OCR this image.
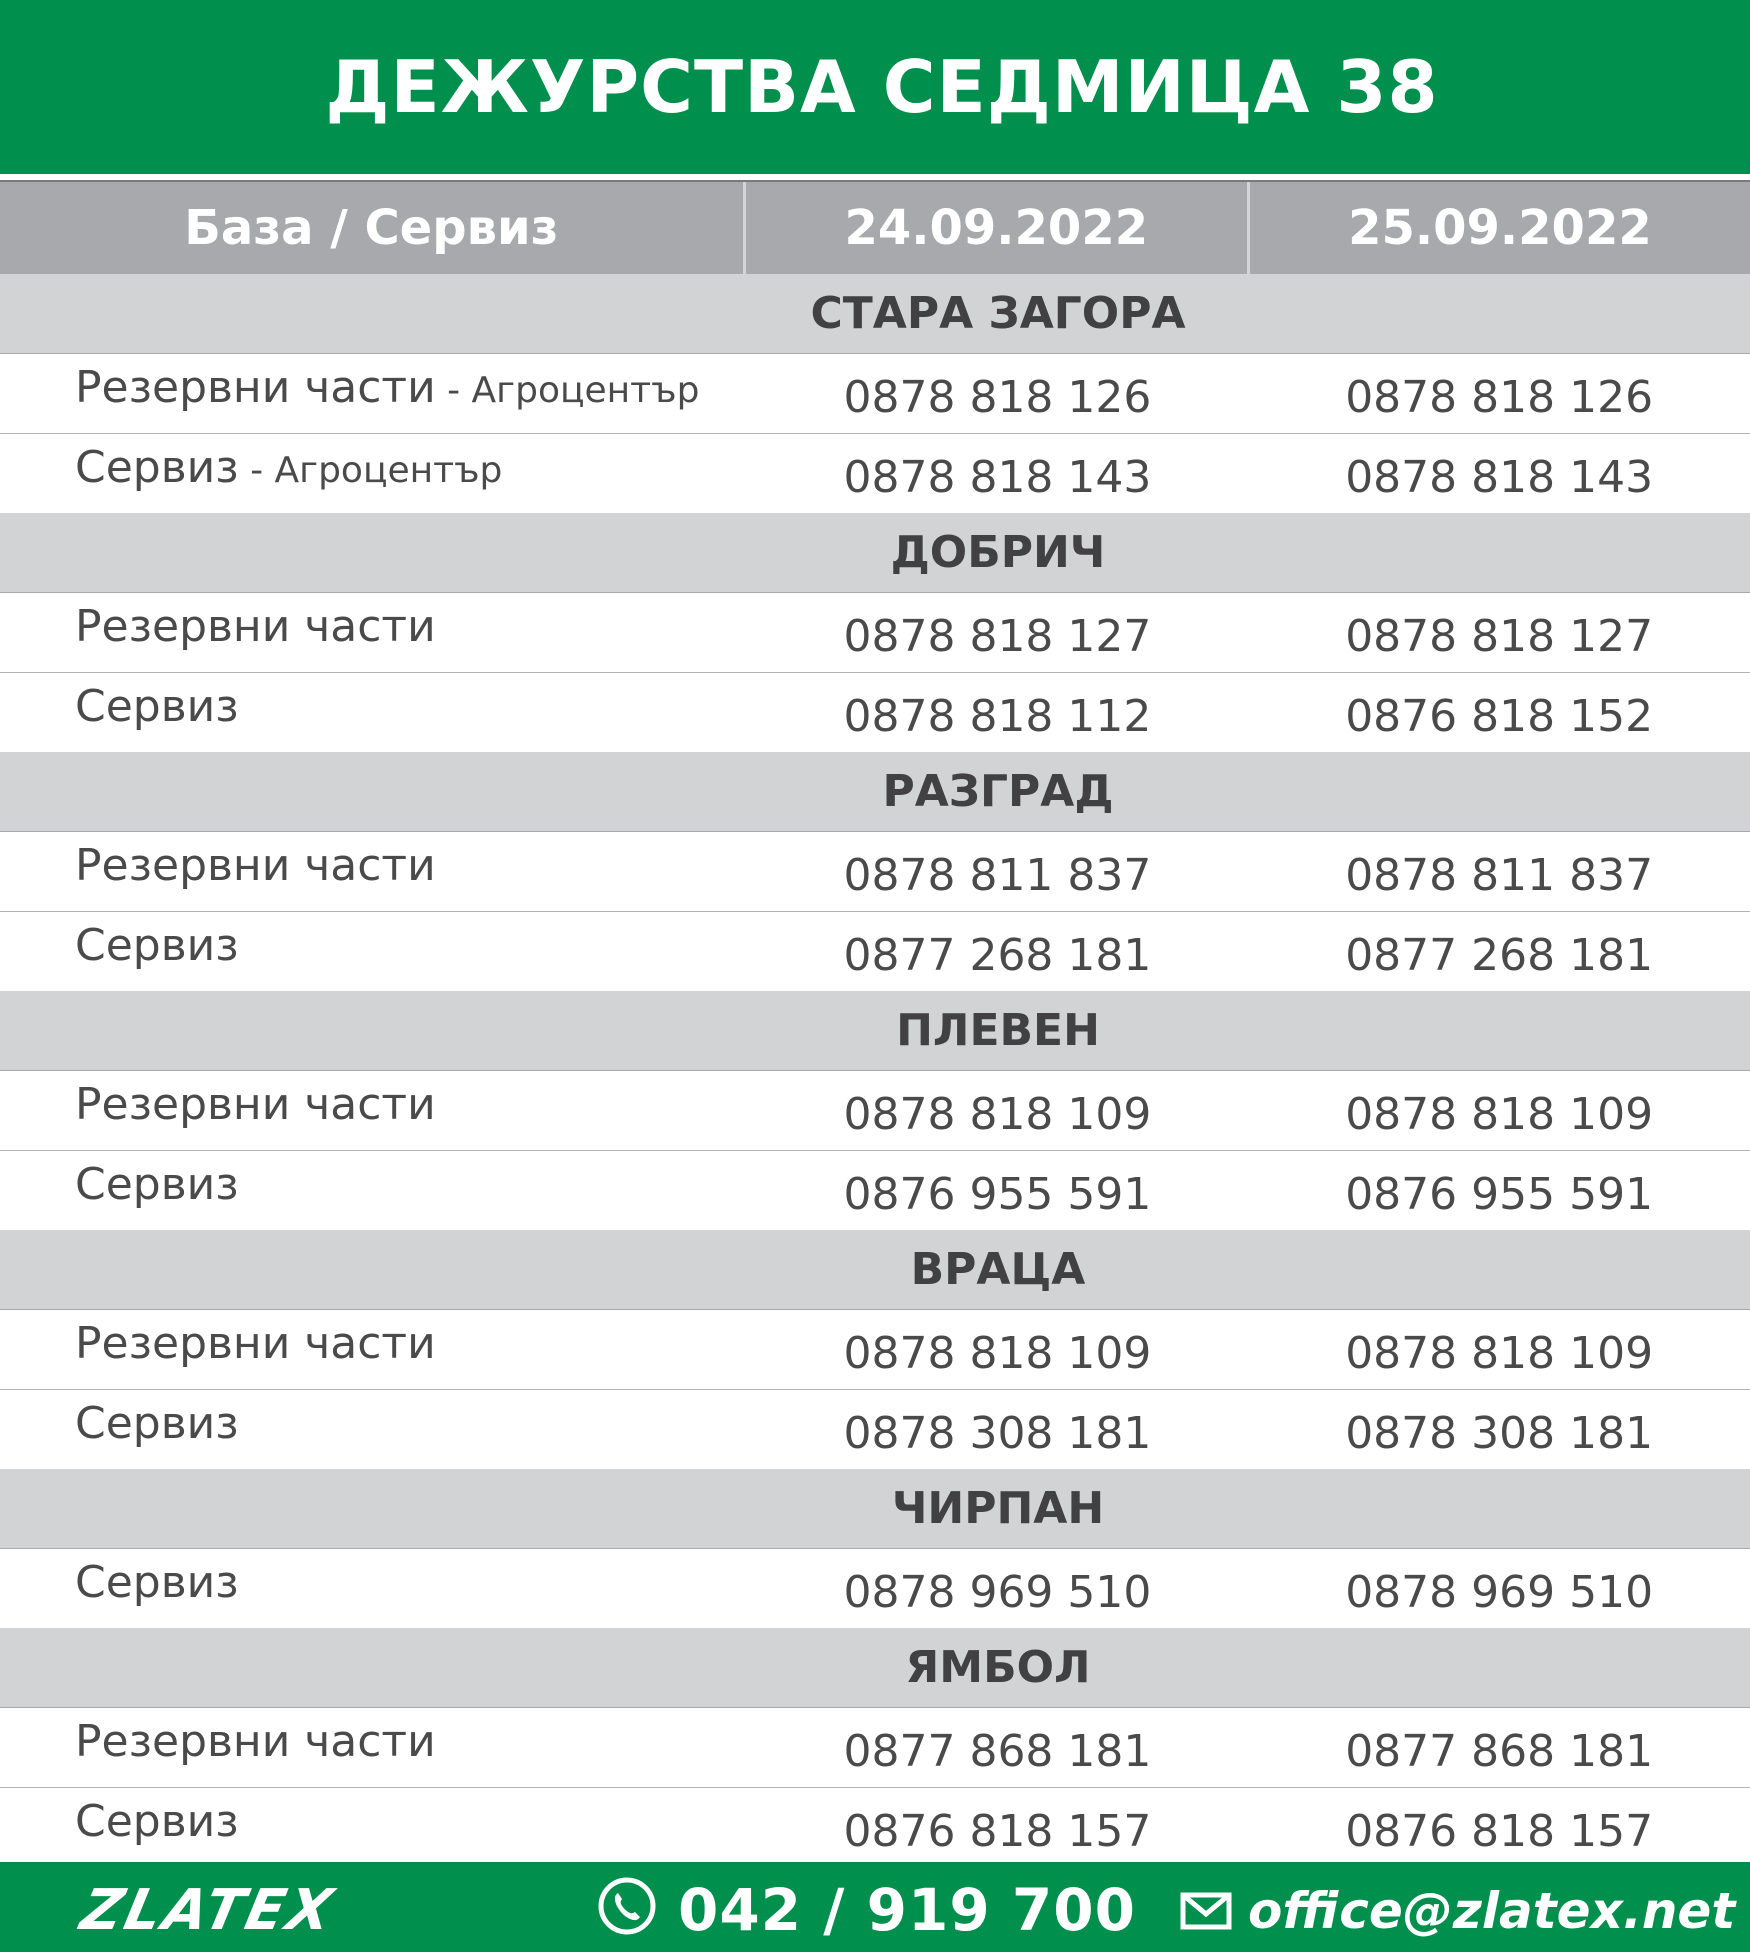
ДЕЖУРСТВА СЕДМИЦА 38
База / Сервиз	24.09.2022	25.09.2022
СТАРА ЗАГОРА
Резервни части - Агроцентър	0878 818 126	0878 818 126
Сервиз - Агроцентър	0878 818 143	0878 818 143
ДОБРИЧ
Резервни части	0878 818 127	0878 818 127
Сервиз	0878 818 112	0876 818 152
РАЗГРАД
Резервни части	0878 811 837	0878 811 837
Сервиз	0877 268 181	0877 268 181
ПЛЕВЕН
Резервни части	0878 818 109	0878 818 109
Сервиз	0876 955 591	0876 955 591
ВРАЦА
Резервни части	0878 818 109	0878 818 109
Сервиз	0878 308 181	0878 308 181
ЧИРПАН
Сервиз	0878 969 510	0878 969 510
ЯМБОЛ
Резервни части	0877 868 181	0877 868 181
Сервиз	0876 818 157	0876 818 157
ZLATEX	042 / 919 700 office@zlatex.net
